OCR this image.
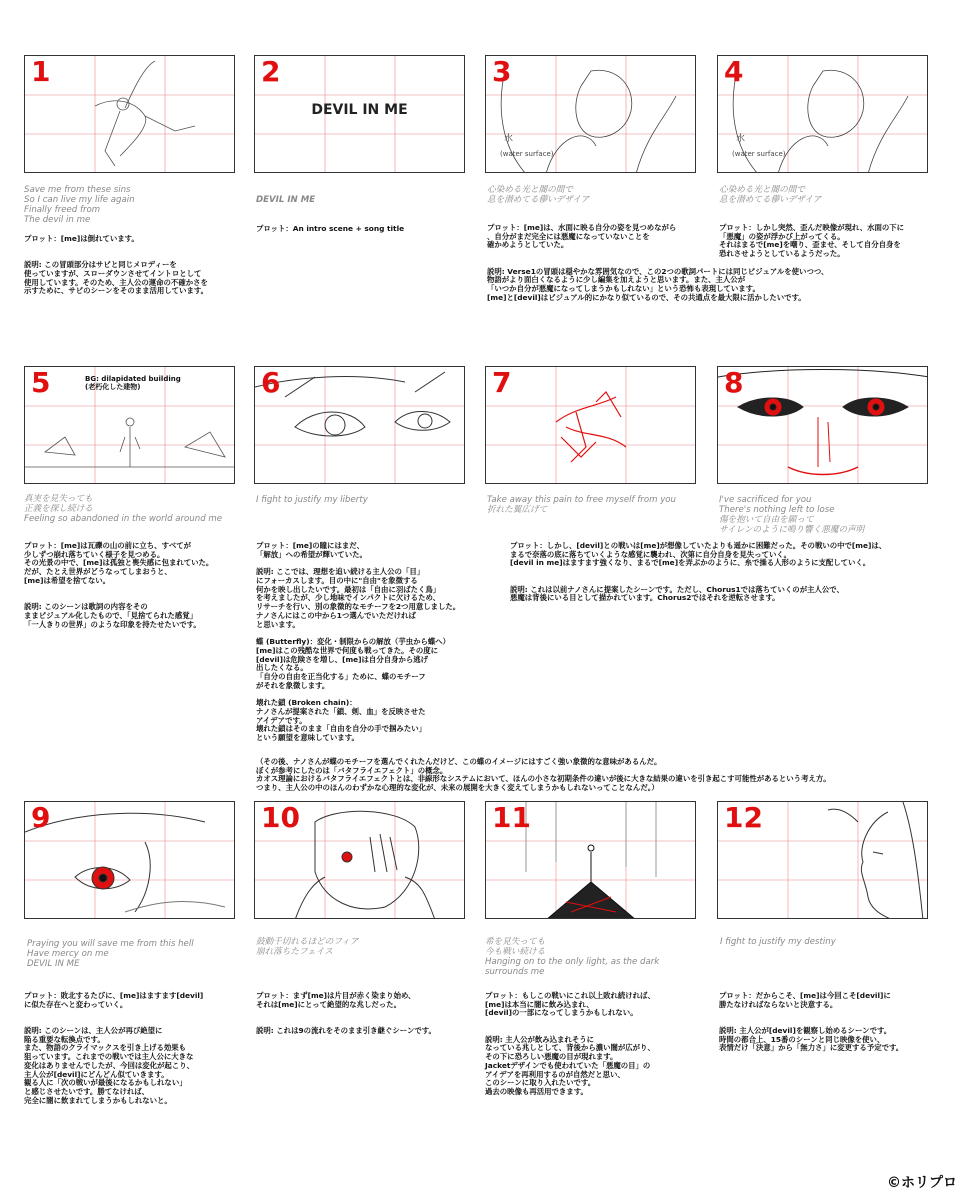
1	2
DEVIL IN ME
水
(water surface)
3
水
(water surface)
4
5	BG: dilapidated building
(老朽化した建物)	6	7	8
9	10	11	12
Save me from these sins
So I can live my life again
Finally freed from
The devil in me
DEVIL IN ME
心染める光と闇の間で
息を潜めてる儚いデザイア
心染める光と闇の間で
息を潜めてる儚いデザイア
真実を見失っても
正義を探し続ける
Feeling so abandoned in the world around me
I fight to justify my liberty	Take away this pain to free myself from you
折れた翼広げて
I've sacrificed for you
There's nothing left to lose
傷を抱いて自由を願って
サイレンのように鳴り響く悪魔の声明
Praying you will save me from this hell
Have mercy on me
DEVIL IN ME
鼓動千切れるほどのフィア
崩れ落ちたフェイス
希を見失っても
今も戦い続ける
Hanging on to the only light, as the dark
surrounds me
I fight to justify my destiny
プロット：[me]は倒れています。

説明: この冒頭部分はサビと同じメロディーを
使っていますが、スローダウンさせてイントロとして
使用しています。そのため、主人公の運命の不確かさを
示すために、サビのシーンをそのまま活用しています。
プロット：An intro scene + song title	プロット：[me]は、水面に映る自分の姿を見つめながら
、自分がまだ完全には悪魔になっていないことを
確かめようとしていた。

説明: Verse1の冒頭は穏やかな雰囲気なので、この2つの歌詞パートには同じビジュアルを使いつつ、
物語がより面白くなるように少し編集を加えようと思います。また、主人公が
「いつか自分が悪魔になってしまうかもしれない」という恐怖も表現しています。
[me]と[devil]はビジュアル的にかなり似ているので、その共通点を最大限に活かしたいです。
プロット：しかし突然、歪んだ映像が現れ、水面の下に
「悪魔」の姿が浮かび上がってくる。
それはまるで[me]を嘲り、歪ませ、そして自分自身を
恐れさせようとしているようだった。
プロット：[me]は瓦礫の山の前に立ち、すべてが
少しずつ崩れ落ちていく様子を見つめる。
その光景の中で、[me]は孤独と喪失感に包まれていた。
だが、たとえ世界がどうなってしまおうと、
[me]は希望を捨てない。

説明: このシーンは歌詞の内容をその
ままビジュアル化したもので、「見捨てられた感覚」
「一人きりの世界」のような印象を持たせたいです。
プロット：[me]の瞳にはまだ、
「解放」への希望が輝いていた。

説明: ここでは、理想を追い続ける主人公の「目」
にフォーカスします。目の中に"自由"を象徴する
何かを映し出したいです。最初は「自由に羽ばたく鳥」
を考えましたが、少し地味でインパクトに欠けるため、
リサーチを行い、別の象徴的なモチーフを2つ用意しました。
ナノさんにはこの中から1つ選んでいただければ
と思います。

蝶 (Butterfly)：変化・制限からの解放（芋虫から蝶へ）
[me]はこの残酷な世界で何度も戦ってきた。その度に
[devil]は危険さを増し、[me]は自分自身から逃げ
出したくなる。
「自分の自由を正当化する」ために、蝶のモチーフ
がそれを象徴します。

壊れた鎖 (Broken chain)：
ナノさんが提案された「鎖、剣、血」を反映させた
アイデアです。
壊れた鎖はそのまま「自由を自分の手で掴みたい」
という願望を意味しています。
プロット：しかし、[devil]との戦いは[me]が想像していたよりも遥かに困難だった。その戦いの中で[me]は、
まるで奈落の底に落ちていくような感覚に襲われ、次第に自分自身を見失っていく。
[devil in me]はますます強くなり、まるで[me]を弄ぶかのように、糸で操る人形のように支配していく。

説明: これは以前ナノさんに提案したシーンです。ただし、Chorus1では落ちていくのが主人公で、
悪魔は背後にいる目として描かれています。Chorus2ではそれを逆転させます。
プロット：敗北するたびに、[me]はますます[devil]
に似た存在へと変わっていく。

説明: このシーンは、主人公が再び絶望に
陥る重要な転換点です。
また、物語のクライマックスを引き上げる効果も
狙っています。これまでの戦いでは主人公に大きな
変化はありませんでしたが、今回は変化が起こり、
主人公が[devil]にどんどん似ていきます。
観る人に「次の戦いが最後になるかもしれない」
と感じさせたいです。勝てなければ、
完全に闇に飲まれてしまうかもしれないと。
プロット：まず[me]は片目が赤く染まり始め、
それは[me]にとって絶望的な兆しだった。

説明: これは9の流れをそのまま引き継ぐシーンです。
プロット：もしこの戦いにこれ以上敗れ続ければ、
[me]は本当に闇に飲み込まれ、
[devil]の一部になってしまうかもしれない。

説明: 主人公が飲み込まれそうに
なっている兆しとして、背後から濃い闇が広がり、
その下に恐ろしい悪魔の目が現れます。
Jacketデザインでも使われていた「悪魔の目」の
アイデアを再利用するのが自然だと思い、
このシーンに取り入れたいです。
過去の映像も再活用できます。
プロット：だからこそ、[me]は今回こそ[devil]に
勝たなければならないと決意する。

説明: 主人公が[devil]を観察し始めるシーンです。
時間の都合上、15番のシーンと同じ映像を使い、
表情だけ「決意」から「無力さ」に変更する予定です。
（その後、ナノさんが蝶のモチーフを選んでくれたんだけど、この蝶のイメージにはすごく強い象徴的な意味があるんだ。
ぼくが参考にしたのは「バタフライエフェクト」の概念。
カオス理論におけるバタフライエフェクトとは、非線形なシステムにおいて、ほんの小さな初期条件の違いが後に大きな結果の違いを引き起こす可能性があるという考え方。
つまり、主人公の中のほんのわずかな心理的な変化が、未来の展開を大きく変えてしまうかもしれないってことなんだ。）
©ホリプロ
